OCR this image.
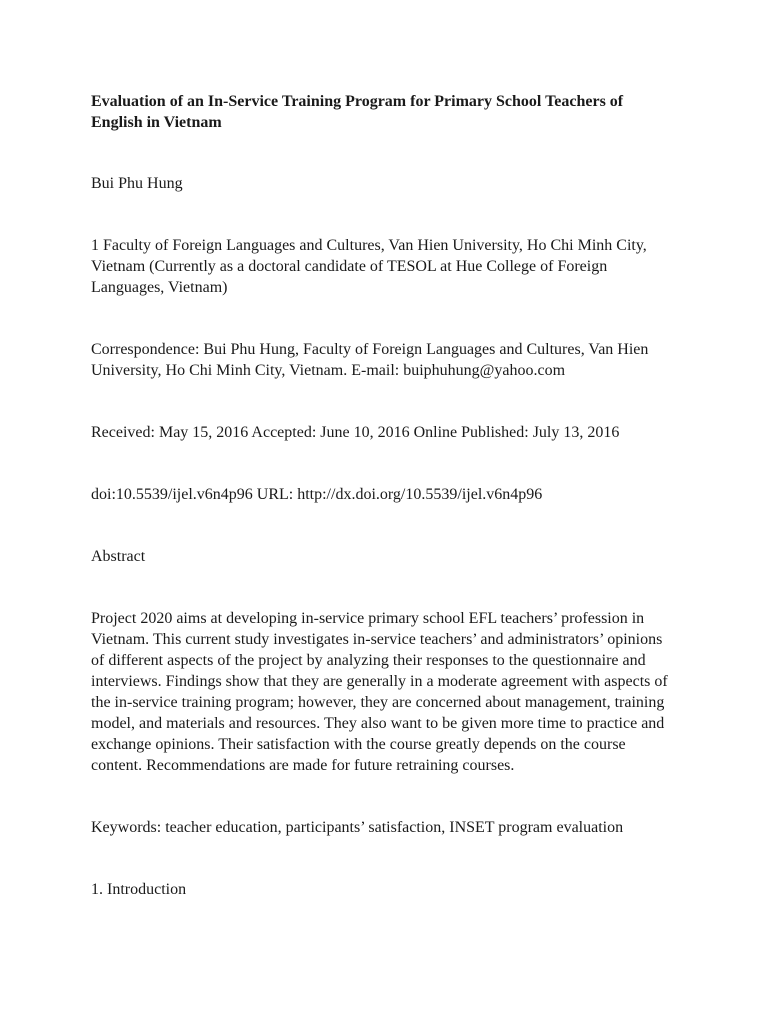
Evaluation of an In-Service Training Program for Primary School Teachers of English in Vietnam

Bui Phu Hung

1 Faculty of Foreign Languages and Cultures, Van Hien University, Ho Chi Minh City, Vietnam (Currently as a doctoral candidate of TESOL at Hue College of Foreign Languages, Vietnam)

Correspondence: Bui Phu Hung, Faculty of Foreign Languages and Cultures, Van Hien University, Ho Chi Minh City, Vietnam. E-mail: buiphuhung@yahoo.com

Received: May 15, 2016 Accepted: June 10, 2016 Online Published: July 13, 2016

doi:10.5539/ijel.v6n4p96 URL: http://dx.doi.org/10.5539/ijel.v6n4p96

Abstract

Project 2020 aims at developing in-service primary school EFL teachers’ profession in Vietnam. This current study investigates in-service teachers’ and administrators’ opinions of different aspects of the project by analyzing their responses to the questionnaire and interviews. Findings show that they are generally in a moderate agreement with aspects of the in-service training program; however, they are concerned about management, training model, and materials and resources. They also want to be given more time to practice and exchange opinions. Their satisfaction with the course greatly depends on the course content. Recommendations are made for future retraining courses.

Keywords: teacher education, participants’ satisfaction, INSET program evaluation

1. Introduction
